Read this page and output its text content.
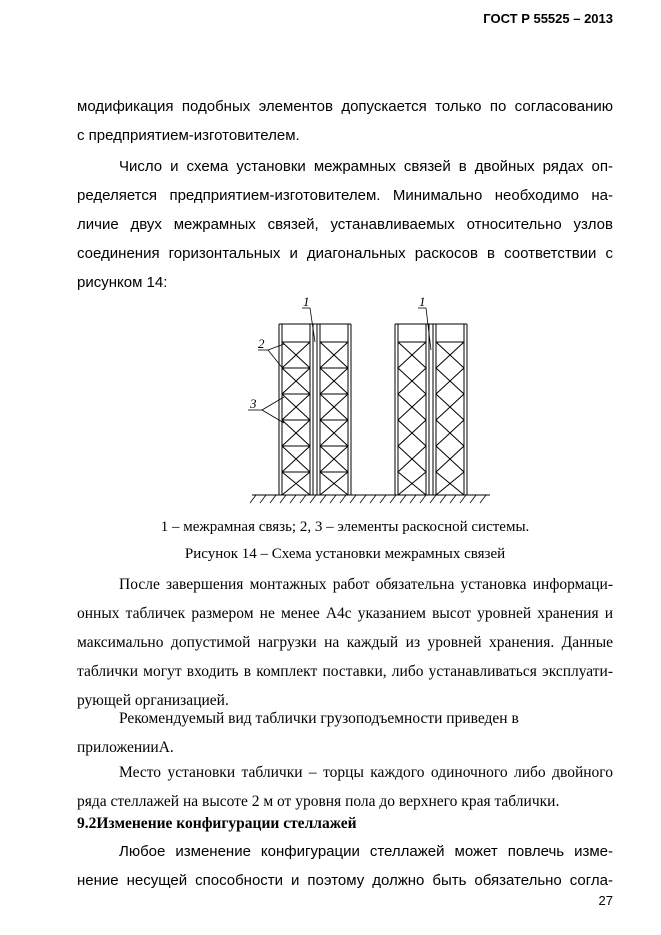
ГОСТ Р 55525 – 2013
модификация подобных элементов допускается только по согласованию
с предприятием-изготовителем.
Число и схема установки межрамных связей в двойных рядах оп-
ределяется предприятием-изготовителем. Минимально необходимо на-
личие двух межрамных связей, устанавливаемых относительно узлов
соединения горизонтальных и диагональных раскосов в соответствии с
рисунком 14:
1	1
2
3
1 – межрамная связь; 2, 3 – элементы раскосной системы.
Рисунок 14 – Схема установки межрамных связей
После завершения монтажных работ обязательна установка информаци-
онных табличек размером не менее А4с указанием высот уровней хранения и
максимально допустимой нагрузки на каждый из уровней хранения. Данные
таблички могут входить в комплект поставки, либо устанавливаться эксплуати-
рующей организацией.
Рекомендуемый вид таблички грузоподъемности приведен в
приложенииА.
Место установки таблички – торцы каждого одиночного либо двойного
ряда стеллажей на высоте 2 м от уровня пола до верхнего края таблички.
9.2Изменение конфигурации стеллажей
Любое изменение конфигурации стеллажей может повлечь изме-
нение несущей способности и поэтому должно быть обязательно согла-
27
